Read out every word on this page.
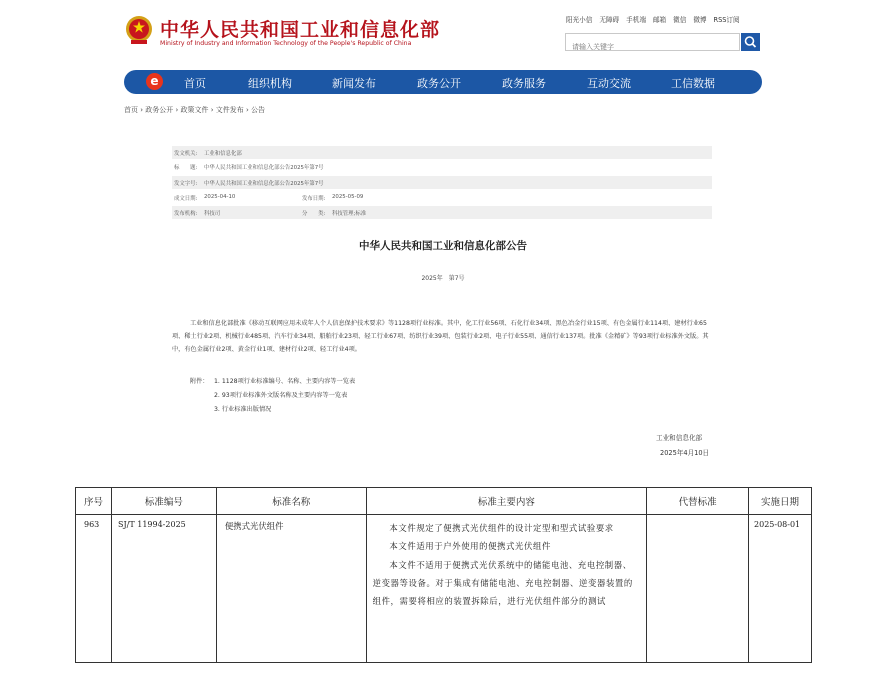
中华人民共和国工业和信息化部
Ministry of Industry and Information Technology of the People's Republic of China
阳光小信 无障碍 手机端 邮箱 微信 微博 RSS订阅
请输入关键字
e	首页	组织机构	新闻发布	政务公开	政务服务	互动交流	工信数据
首页 › 政务公开 › 政策文件 › 文件发布 › 公告
发文机关: 工业和信息化部
标　　题: 中华人民共和国工业和信息化部公告2025年第7号
发文字号: 中华人民共和国工业和信息化部公告2025年第7号
成文日期: 2025-04-10	发布日期: 2025-05-09
发布机构: 科技司	分　　类: 科技管理;标准
中华人民共和国工业和信息化部公告
2025年　第7号
工业和信息化部批准《移动互联网应用未成年人个人信息保护技术要求》等1128项行业标准。其中，化工行业56项、石化行业34项、黑色冶金行业15项、有色金属行业114项、建材行业65项、稀土行业2项、机械行业485项、汽车行业34项、船舶行业23项、轻工行业67项、纺织行业39项、包装行业2项、电子行业55项、通信行业137项。批准《金精矿》等93项行业标准外文版。其中，有色金属行业2项、黄金行业1项、建材行业2项、轻工行业4项。
附件： 1. 1128项行业标准编号、名称、主要内容等一览表
2. 93项行业标准外文版名称及主要内容等一览表
3. 行业标准出版情况
工业和信息化部
2025年4月10日
序号	标准编号	标准名称	标准主要内容	代替标准	实施日期
963	SJ/T 11994-2025	便携式光伏组件	本文件规定了便携式光伏组件的设计定型和型式试验要求

本文件适用于户外使用的便携式光伏组件

本文件不适用于便携式光伏系统中的储能电池、充电控制器、逆变器等设备。对于集成有储能电池、充电控制器、逆变器装置的组件，需要将相应的装置拆除后，进行光伏组件部分的测试		2025-08-01
